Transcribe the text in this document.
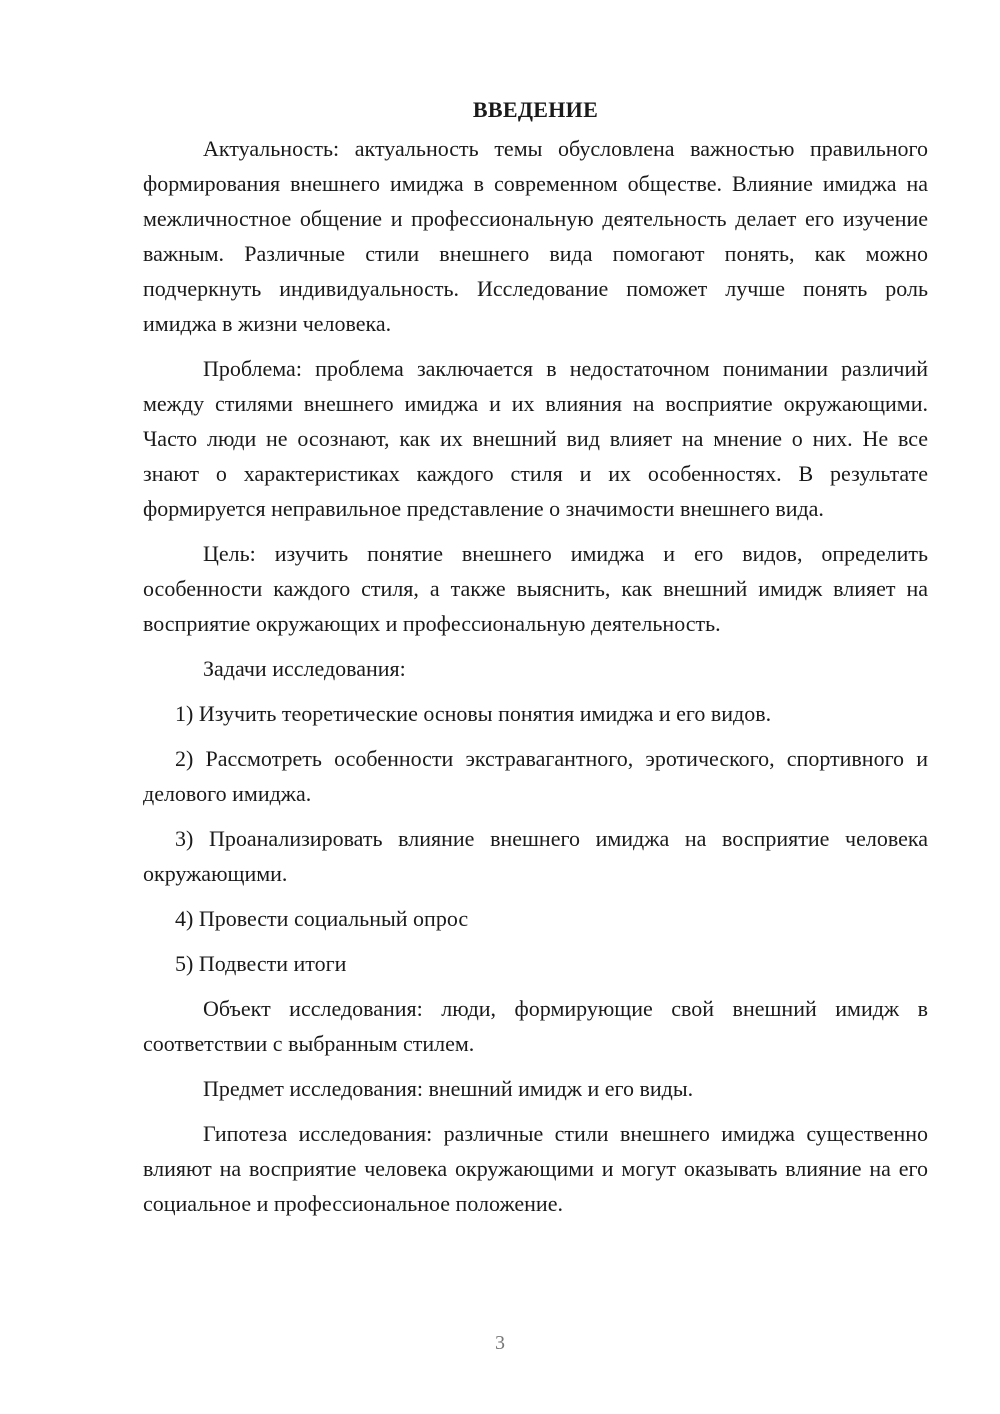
ВВЕДЕНИЕ

Актуальность: актуальность темы обусловлена важностью правильного формирования внешнего имиджа в современном обществе. Влияние имиджа на межличностное общение и профессиональную деятельность делает его изучение важным. Различные стили внешнего вида помогают понять, как можно подчеркнуть индивидуальность. Исследование поможет лучше понять роль имиджа в жизни человека.

Проблема: проблема заключается в недостаточном понимании различий между стилями внешнего имиджа и их влияния на восприятие окружающими. Часто люди не осознают, как их внешний вид влияет на мнение о них. Не все знают о характеристиках каждого стиля и их особенностях. В результате формируется неправильное представление о значимости внешнего вида.

Цель: изучить понятие внешнего имиджа и его видов, определить особенности каждого стиля, а также выяснить, как внешний имидж влияет на восприятие окружающих и профессиональную деятельность.

Задачи исследования:

1) Изучить теоретические основы понятия имиджа и его видов.

2) Рассмотреть особенности экстравагантного, эротического, спортивного и делового имиджа.

3) Проанализировать влияние внешнего имиджа на восприятие человека окружающими.

4) Провести социальный опрос

5) Подвести итоги

Объект исследования: люди, формирующие свой внешний имидж в соответствии с выбранным стилем.

Предмет исследования: внешний имидж и его виды.

Гипотеза исследования: различные стили внешнего имиджа существенно влияют на восприятие человека окружающими и могут оказывать влияние на его социальное и профессиональное положение.

3
